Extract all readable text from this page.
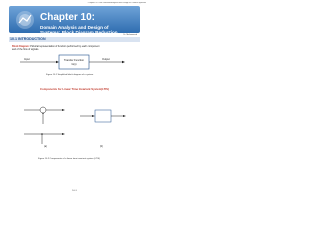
Chapter 10 Time Domain Analysis and Design of Control Systems
Chapter 10:
Domain Analysis and Design of
Systems: Block Diagram Reduction	Dr. Mohammed
10.1 INTRODUCTION
Block Diagram: Pictorial representation of function performed by each component
and of the flow of signals.
Input	Output
Transfer Function
G(s)
Figure 10.1 Simplified block diagram of a system
Components for Linear Time Invariant System(LTIS)
(a)	(b)
Figure 10.2 Components of a linear time invariant system (LTIS)
10-1
